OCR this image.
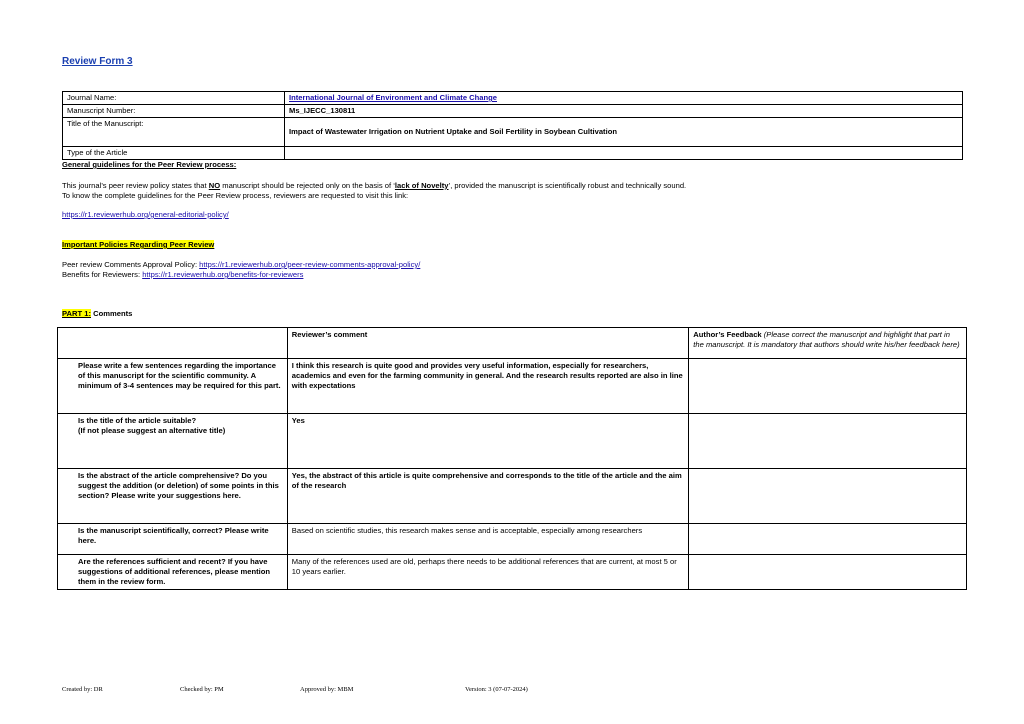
Review Form 3
Journal Name:	International Journal of Environment and Climate Change
Manuscript Number:	Ms_IJECC_130811
Title of the Manuscript:	Impact of Wastewater Irrigation on Nutrient Uptake and Soil Fertility in Soybean Cultivation
Type of the Article	
General guidelines for the Peer Review process:
This journal’s peer review policy states that NO manuscript should be rejected only on the basis of ‘lack of Novelty’, provided the manuscript is scientifically robust and technically sound.
To know the complete guidelines for the Peer Review process, reviewers are requested to visit this link:
https://r1.reviewerhub.org/general-editorial-policy/
Important Policies Regarding Peer Review
Peer review Comments Approval Policy: https://r1.reviewerhub.org/peer-review-comments-approval-policy/
Benefits for Reviewers: https://r1.reviewerhub.org/benefits-for-reviewers
PART 1: Comments
	Reviewer’s comment	Author’s Feedback (Please correct the manuscript and highlight that part in the manuscript. It is mandatory that authors should write his/her feedback here)
Please write a few sentences regarding the importance of this manuscript for the scientific community. A minimum of 3-4 sentences may be required for this part.	I think this research is quite good and provides very useful information, especially for researchers, academics and even for the farming community in general. And the research results reported are also in line with expectations	
Is the title of the article suitable?
(If not please suggest an alternative title)	Yes	
Is the abstract of the article comprehensive? Do you suggest the addition (or deletion) of some points in this section? Please write your suggestions here.	Yes, the abstract of this article is quite comprehensive and corresponds to the title of the article and the aim of the research	
Is the manuscript scientifically, correct? Please write here.	Based on scientific studies, this research makes sense and is acceptable, especially among researchers	
Are the references sufficient and recent? If you have suggestions of additional references, please mention them in the review form.	Many of the references used are old, perhaps there needs to be additional references that are current, at most 5 or 10 years earlier.	
Created by: DR	Checked by: PM	Approved by: MBM	Version: 3 (07-07-2024)
